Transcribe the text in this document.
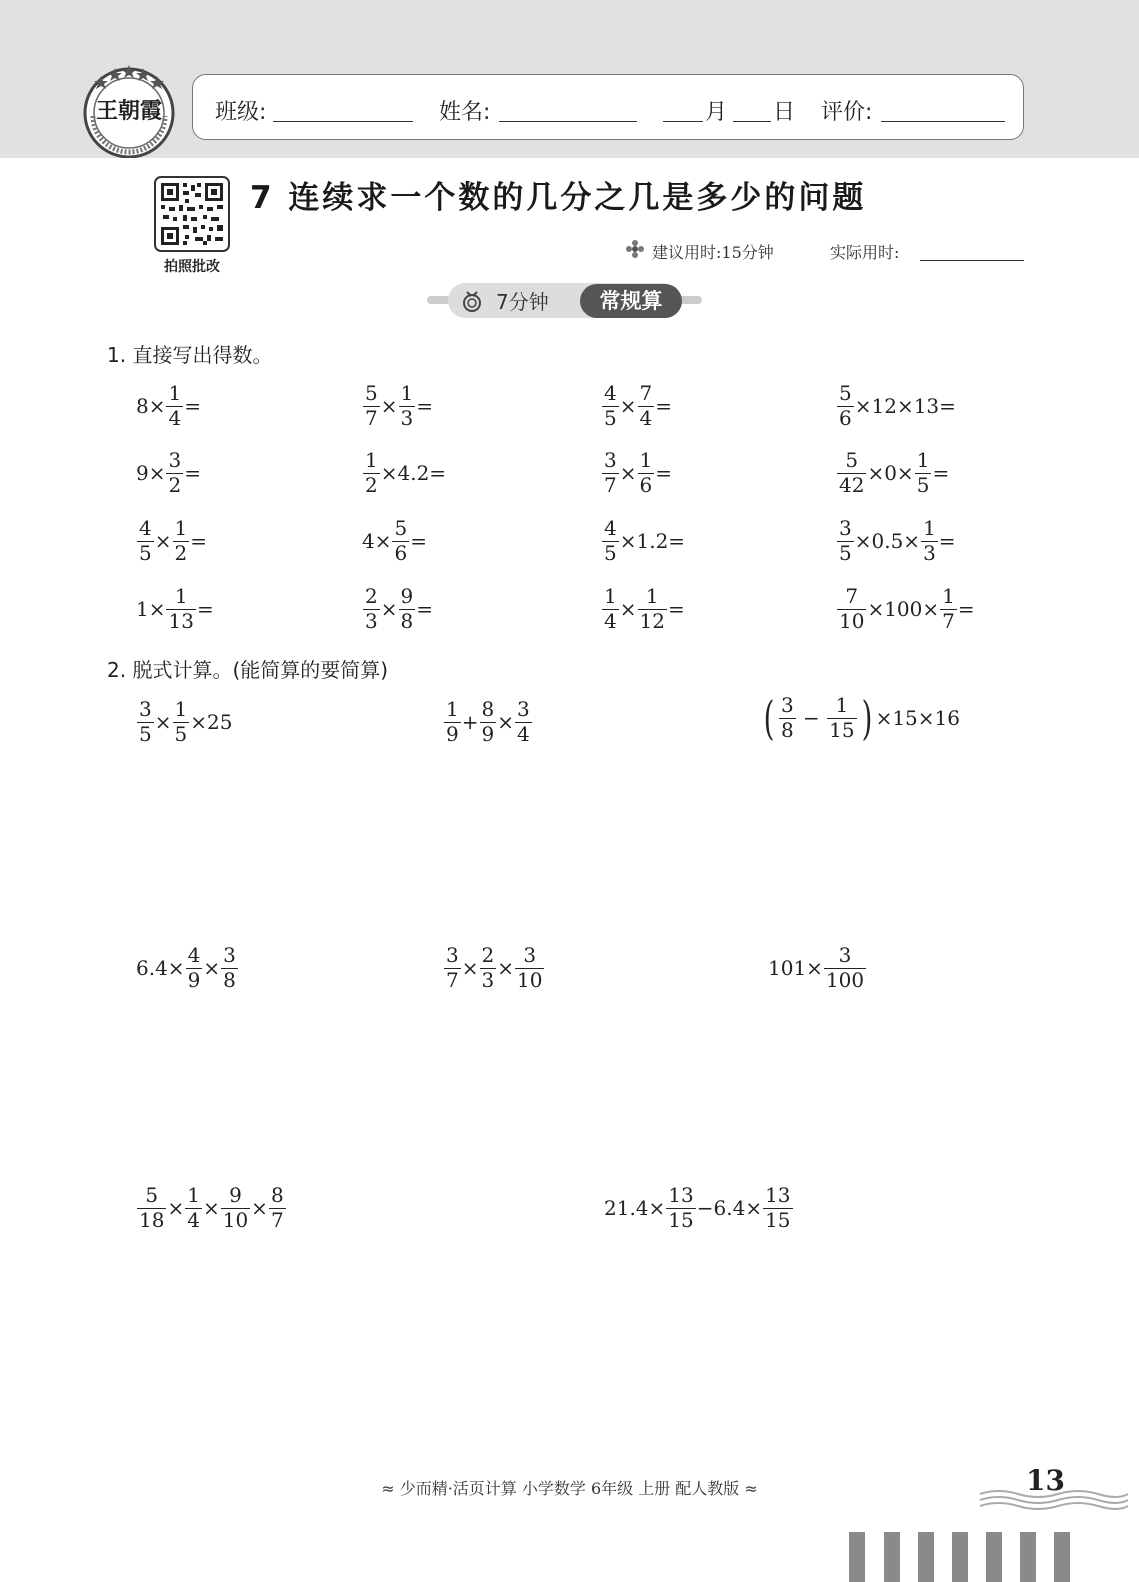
王朝霞 班级:	姓名:	月 日 评价:
拍照批改
7 连续求一个数的几分之几是多少的问题
建议用时:15分钟	实际用时:
7分钟	常规算
1. 直接写出得数。
$8\times \frac{1}{4}$ =	$\frac{5}{7} \times \frac{1}{3}$ =	$\frac{4}{5} \times \frac{7}{4}$ =	$\frac{5}{6} \times 12\times 13=$
$9\times \frac{3}{2}$ =	$\frac{1}{2} \times 4.2=$	$\frac{3}{7} \times \frac{1}{6}$ =	$\frac{5}{42} \times 0\times \frac{1}{5}$ =
$\frac{4}{5} \times \frac{1}{2}$ =	$4\times \frac{5}{6}$ =	$\frac{4}{5} \times 1.2=$	$\frac{3}{5} \times 0.5\times \frac{1}{3}$ =
$1\times \frac{1}{13}$ =	$\frac{2}{3} \times \frac{9}{8}$ =	$\frac{1}{4} \times \frac{1}{12}$ =	$\frac{7}{10} \times 100\times \frac{1}{7}$ =
2. 脱式计算。(能简算的要简算)
$\frac{3}{5} \times \frac{1}{5} \times 25$	$\frac{1}{9} + \frac{8}{9} \times \frac{3}{4}$	( $\frac{3}{8} - \frac{1}{15}$ ) ×15×16
$6.4\times \frac{4}{9} \times \frac{3}{8}$	$\frac{3}{7} \times \frac{2}{3} \times \frac{3}{10}$	$101\times \frac{3}{100}$
$\frac{5}{18} \times \frac{1}{4} \times \frac{9}{10} \times \frac{8}{7}$	$21.4\times \frac{13}{15} -6.4\times \frac{13}{15}$
≈ 少而精·活页计算 小学数学 6年级 上册 配人教版 ≈	13
